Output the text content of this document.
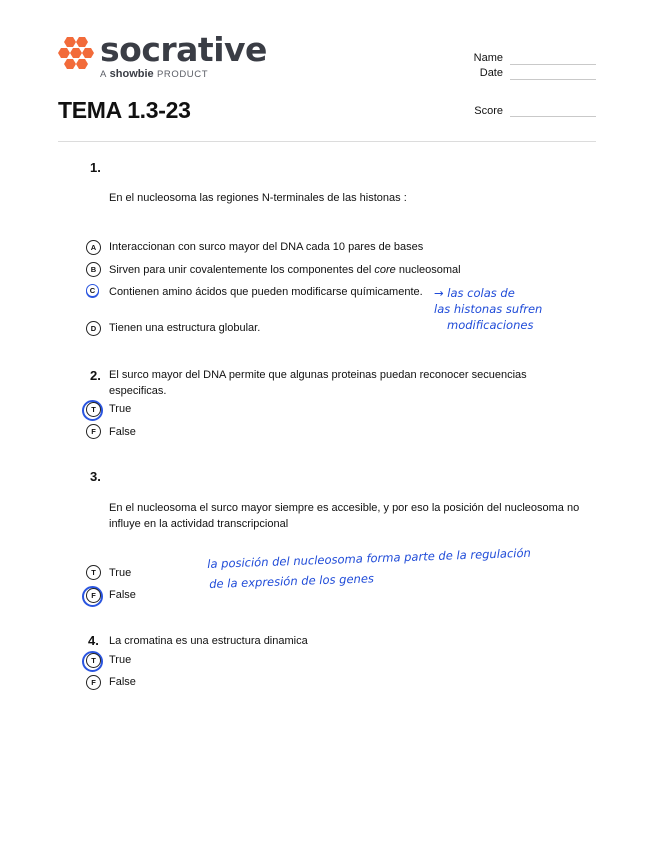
socrative
A showbie PRODUCT
TEMA 1.3-23
Name
Date
Score
1.
En el nucleosoma las regiones N-terminales de las histonas :
A	Interaccionan con surco mayor del DNA cada 10 pares de bases
B	Sirven para unir covalentemente los componentes del core nucleosomal
C	Contienen amino ácidos que pueden modificarse químicamente.
D	Tienen una estructura globular.
→ las colas de
las histonas sufren
modificaciones
2. El surco mayor del DNA permite que algunas proteinas puedan reconocer secuencias especificas.
T	True
F	False
3.
En el nucleosoma el surco mayor siempre es accesible, y por eso la posición del nucleosoma no influye en la actividad transcripcional
T	True
F	False
la posición del nucleosoma forma parte de la regulación
de la expresión de los genes
4. La cromatina es una estructura dinamica
T	True
F	False
